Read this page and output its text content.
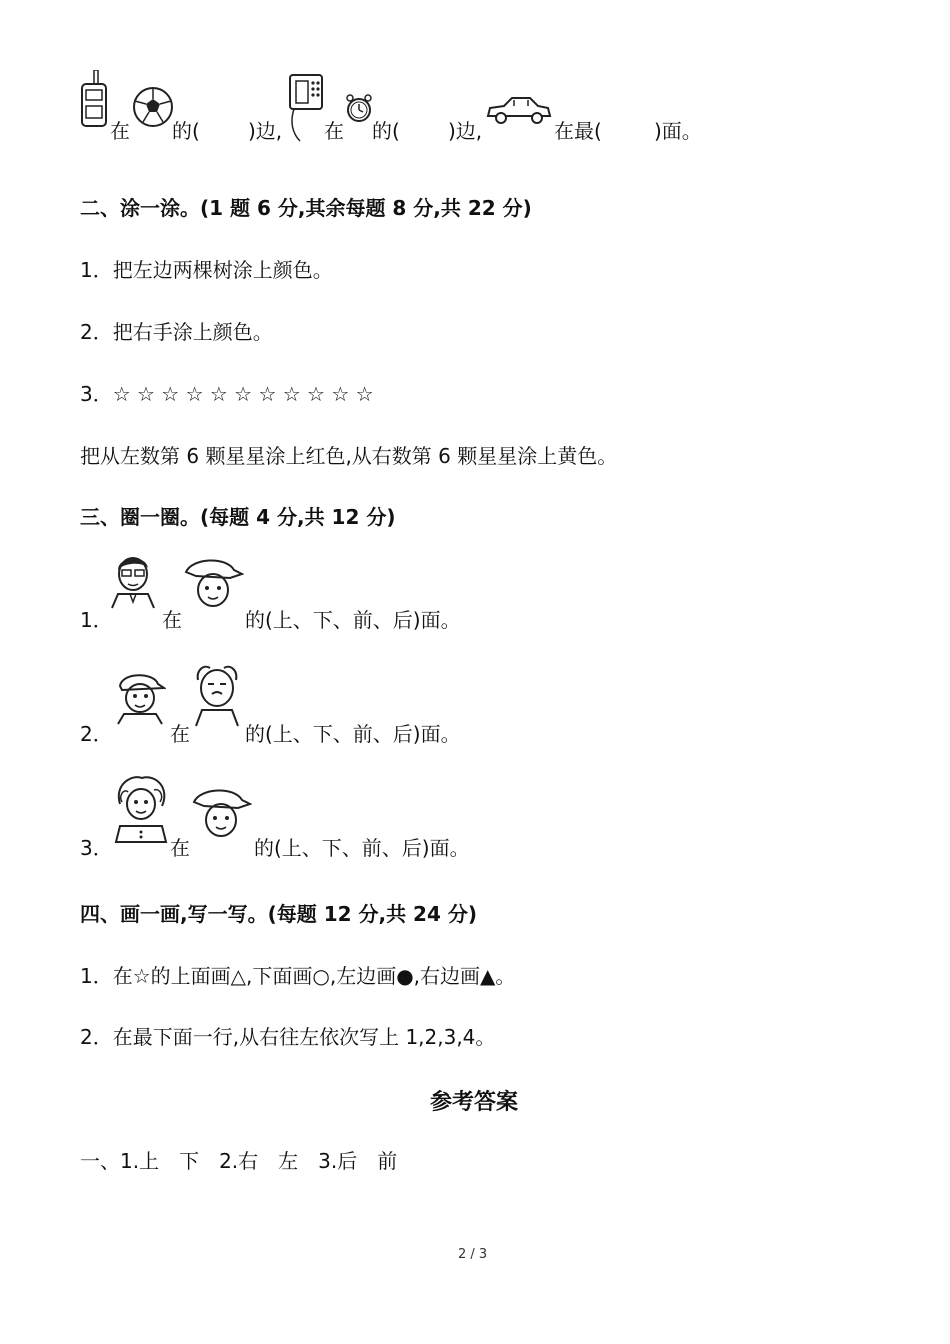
在 的( )边, 在 的( )边,	在最(	)面。
二、涂一涂。(1 题 6 分,其余每题 8 分,共 22 分)
1．把左边两棵树涂上颜色。
2．把右手涂上颜色。
3．☆ ☆ ☆ ☆ ☆ ☆ ☆ ☆ ☆ ☆ ☆
把从左数第 6 颗星星涂上红色,从右数第 6 颗星星涂上黄色。
三、圈一圈。(每题 4 分,共 12 分)
在
1．	的(上、下、前、后)面。
在
2．	的(上、下、前、后)面。
在
3．	的(上、下、前、后)面。
四、画一画,写一写。(每题 12 分,共 24 分)
1．在☆的上面画△,下面画○,左边画●,右边画▲。
2．在最下面一行,从右往左依次写上 1,2,3,4。
参考答案
一、1.上　下　2.右　左　3.后　前
2 / 3
